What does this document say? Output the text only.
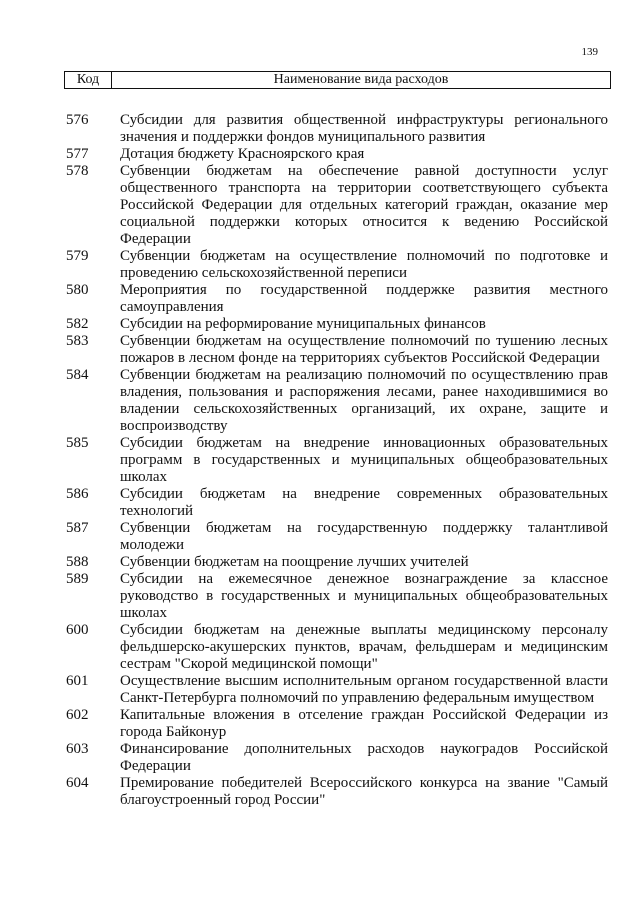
139
Код	Наименование вида расходов
576	Субсидии для развития общественной инфраструктуры регионального значения и поддержки фондов муниципального развития
577	Дотация бюджету Красноярского края
578	Субвенции бюджетам на обеспечение равной доступности услуг общественного транспорта на территории соответствующего субъекта Российской Федерации для отдельных категорий граждан, оказание мер социальной поддержки которых относится к ведению Российской Федерации
579	Субвенции бюджетам на осуществление полномочий по подготовке и проведению сельскохозяйственной переписи
580	Мероприятия по государственной поддержке развития местного самоуправления
582	Субсидии на реформирование муниципальных финансов
583	Субвенции бюджетам на осуществление полномочий по тушению лесных пожаров в лесном фонде на территориях субъектов Российской Федерации
584	Субвенции бюджетам на реализацию полномочий по осуществлению прав владения, пользования и распоряжения лесами, ранее находившимися во владении сельскохозяйственных организаций, их охране, защите и воспроизводству
585	Субсидии бюджетам на внедрение инновационных образовательных программ в государственных и муниципальных общеобразовательных школах
586	Субсидии бюджетам на внедрение современных образовательных технологий
587	Субвенции бюджетам на государственную поддержку талантливой молодежи
588	Субвенции бюджетам на поощрение лучших учителей
589	Субсидии на ежемесячное денежное вознаграждение за классное руководство в государственных и муниципальных общеобразовательных школах
600	Субсидии бюджетам на денежные выплаты медицинскому персоналу фельдшерско-акушерских пунктов, врачам, фельдшерам и медицинским сестрам "Скорой медицинской помощи"
601	Осуществление высшим исполнительным органом государственной власти Санкт-Петербурга полномочий по управлению федеральным имуществом
602	Капитальные вложения в отселение граждан Российской Федерации из города Байконур
603	Финансирование дополнительных расходов наукоградов Российской Федерации
604	Премирование победителей Всероссийского конкурса на звание "Самый благоустроенный город России"
